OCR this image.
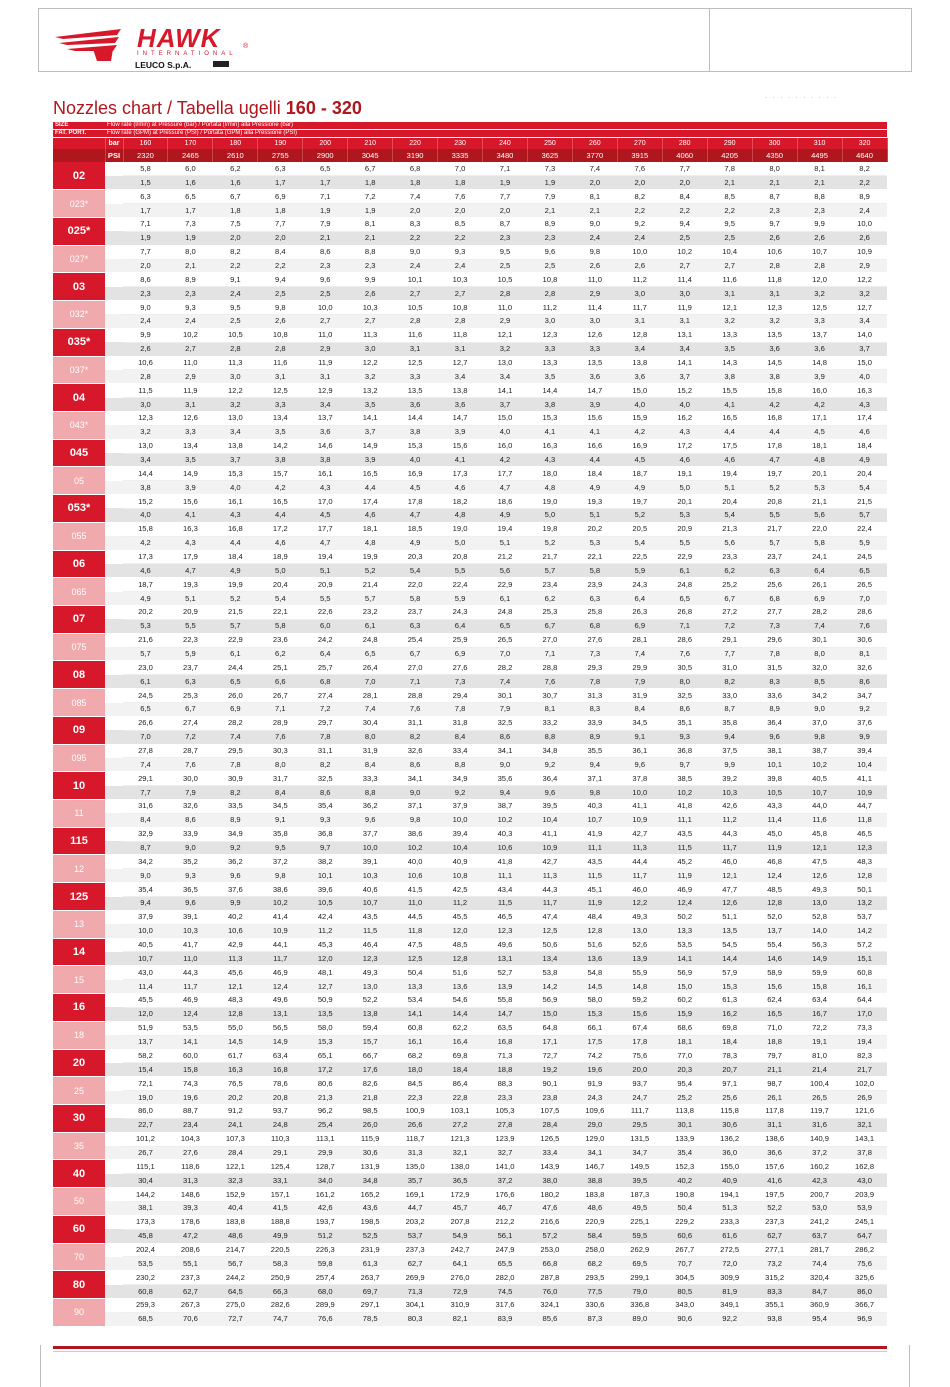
HAWK	®
INTERNATIONAL
LEUCO S.p.A.
Nozzles chart / Tabella ugelli 160 - 320	· · · · · · · · · ·
SIZE	Flow rate (l/min) at Pressure (bar) / Portata (l/min) alla Pressione (bar)																	
FAT. PORT.	Flow rate (GPM) at Pressure (PSI) / Portata (GPM) alla Pressione (PSI)																	
	bar	160	170	180	190	200	210	220	230	240	250	260	270	280	290	300	310	320
	PSI	2320	2465	2610	2755	2900	3045	3190	3335	3480	3625	3770	3915	4060	4205	4350	4495	4640
02		5,8	6,0	6,2	6,3	6,5	6,7	6,8	7,0	7,1	7,3	7,4	7,6	7,7	7,8	8,0	8,1	8,2
		1,5	1,6	1,6	1,7	1,7	1,8	1,8	1,8	1,9	1,9	2,0	2,0	2,0	2,1	2,1	2,1	2,2
023*		6,3	6,5	6,7	6,9	7,1	7,2	7,4	7,6	7,7	7,9	8,1	8,2	8,4	8,5	8,7	8,8	8,9
		1,7	1,7	1,8	1,8	1,9	1,9	2,0	2,0	2,0	2,1	2,1	2,2	2,2	2,2	2,3	2,3	2,4
025*		7,1	7,3	7,5	7,7	7,9	8,1	8,3	8,5	8,7	8,9	9,0	9,2	9,4	9,5	9,7	9,9	10,0
		1,9	1,9	2,0	2,0	2,1	2,1	2,2	2,2	2,3	2,3	2,4	2,4	2,5	2,5	2,6	2,6	2,6
027*		7,7	8,0	8,2	8,4	8,6	8,8	9,0	9,3	9,5	9,6	9,8	10,0	10,2	10,4	10,6	10,7	10,9
		2,0	2,1	2,2	2,2	2,3	2,3	2,4	2,4	2,5	2,5	2,6	2,6	2,7	2,7	2,8	2,8	2,9
03		8,6	8,9	9,1	9,4	9,6	9,9	10,1	10,3	10,5	10,8	11,0	11,2	11,4	11,6	11,8	12,0	12,2
		2,3	2,3	2,4	2,5	2,5	2,6	2,7	2,7	2,8	2,8	2,9	3,0	3,0	3,1	3,1	3,2	3,2
032*		9,0	9,3	9,5	9,8	10,0	10,3	10,5	10,8	11,0	11,2	11,4	11,7	11,9	12,1	12,3	12,5	12,7
		2,4	2,4	2,5	2,6	2,7	2,7	2,8	2,8	2,9	3,0	3,0	3,1	3,1	3,2	3,2	3,3	3,4
035*		9,9	10,2	10,5	10,8	11,0	11,3	11,6	11,8	12,1	12,3	12,6	12,8	13,1	13,3	13,5	13,7	14,0
		2,6	2,7	2,8	2,8	2,9	3,0	3,1	3,1	3,2	3,3	3,3	3,4	3,4	3,5	3,6	3,6	3,7
037*		10,6	11,0	11,3	11,6	11,9	12,2	12,5	12,7	13,0	13,3	13,5	13,8	14,1	14,3	14,5	14,8	15,0
		2,8	2,9	3,0	3,1	3,1	3,2	3,3	3,4	3,4	3,5	3,6	3,6	3,7	3,8	3,8	3,9	4,0
04		11,5	11,9	12,2	12,5	12,9	13,2	13,5	13,8	14,1	14,4	14,7	15,0	15,2	15,5	15,8	16,0	16,3
		3,0	3,1	3,2	3,3	3,4	3,5	3,6	3,6	3,7	3,8	3,9	4,0	4,0	4,1	4,2	4,2	4,3
043*		12,3	12,6	13,0	13,4	13,7	14,1	14,4	14,7	15,0	15,3	15,6	15,9	16,2	16,5	16,8	17,1	17,4
		3,2	3,3	3,4	3,5	3,6	3,7	3,8	3,9	4,0	4,1	4,1	4,2	4,3	4,4	4,4	4,5	4,6
045		13,0	13,4	13,8	14,2	14,6	14,9	15,3	15,6	16,0	16,3	16,6	16,9	17,2	17,5	17,8	18,1	18,4
		3,4	3,5	3,7	3,8	3,8	3,9	4,0	4,1	4,2	4,3	4,4	4,5	4,6	4,6	4,7	4,8	4,9
05		14,4	14,9	15,3	15,7	16,1	16,5	16,9	17,3	17,7	18,0	18,4	18,7	19,1	19,4	19,7	20,1	20,4
		3,8	3,9	4,0	4,2	4,3	4,4	4,5	4,6	4,7	4,8	4,9	4,9	5,0	5,1	5,2	5,3	5,4
053*		15,2	15,6	16,1	16,5	17,0	17,4	17,8	18,2	18,6	19,0	19,3	19,7	20,1	20,4	20,8	21,1	21,5
		4,0	4,1	4,3	4,4	4,5	4,6	4,7	4,8	4,9	5,0	5,1	5,2	5,3	5,4	5,5	5,6	5,7
055		15,8	16,3	16,8	17,2	17,7	18,1	18,5	19,0	19,4	19,8	20,2	20,5	20,9	21,3	21,7	22,0	22,4
		4,2	4,3	4,4	4,6	4,7	4,8	4,9	5,0	5,1	5,2	5,3	5,4	5,5	5,6	5,7	5,8	5,9
06		17,3	17,9	18,4	18,9	19,4	19,9	20,3	20,8	21,2	21,7	22,1	22,5	22,9	23,3	23,7	24,1	24,5
		4,6	4,7	4,9	5,0	5,1	5,2	5,4	5,5	5,6	5,7	5,8	5,9	6,1	6,2	6,3	6,4	6,5
065		18,7	19,3	19,9	20,4	20,9	21,4	22,0	22,4	22,9	23,4	23,9	24,3	24,8	25,2	25,6	26,1	26,5
		4,9	5,1	5,2	5,4	5,5	5,7	5,8	5,9	6,1	6,2	6,3	6,4	6,5	6,7	6,8	6,9	7,0
07		20,2	20,9	21,5	22,1	22,6	23,2	23,7	24,3	24,8	25,3	25,8	26,3	26,8	27,2	27,7	28,2	28,6
		5,3	5,5	5,7	5,8	6,0	6,1	6,3	6,4	6,5	6,7	6,8	6,9	7,1	7,2	7,3	7,4	7,6
075		21,6	22,3	22,9	23,6	24,2	24,8	25,4	25,9	26,5	27,0	27,6	28,1	28,6	29,1	29,6	30,1	30,6
		5,7	5,9	6,1	6,2	6,4	6,5	6,7	6,9	7,0	7,1	7,3	7,4	7,6	7,7	7,8	8,0	8,1
08		23,0	23,7	24,4	25,1	25,7	26,4	27,0	27,6	28,2	28,8	29,3	29,9	30,5	31,0	31,5	32,0	32,6
		6,1	6,3	6,5	6,6	6,8	7,0	7,1	7,3	7,4	7,6	7,8	7,9	8,0	8,2	8,3	8,5	8,6
085		24,5	25,3	26,0	26,7	27,4	28,1	28,8	29,4	30,1	30,7	31,3	31,9	32,5	33,0	33,6	34,2	34,7
		6,5	6,7	6,9	7,1	7,2	7,4	7,6	7,8	7,9	8,1	8,3	8,4	8,6	8,7	8,9	9,0	9,2
09		26,6	27,4	28,2	28,9	29,7	30,4	31,1	31,8	32,5	33,2	33,9	34,5	35,1	35,8	36,4	37,0	37,6
		7,0	7,2	7,4	7,6	7,8	8,0	8,2	8,4	8,6	8,8	8,9	9,1	9,3	9,4	9,6	9,8	9,9
095		27,8	28,7	29,5	30,3	31,1	31,9	32,6	33,4	34,1	34,8	35,5	36,1	36,8	37,5	38,1	38,7	39,4
		7,4	7,6	7,8	8,0	8,2	8,4	8,6	8,8	9,0	9,2	9,4	9,6	9,7	9,9	10,1	10,2	10,4
10		29,1	30,0	30,9	31,7	32,5	33,3	34,1	34,9	35,6	36,4	37,1	37,8	38,5	39,2	39,8	40,5	41,1
		7,7	7,9	8,2	8,4	8,6	8,8	9,0	9,2	9,4	9,6	9,8	10,0	10,2	10,3	10,5	10,7	10,9
11		31,6	32,6	33,5	34,5	35,4	36,2	37,1	37,9	38,7	39,5	40,3	41,1	41,8	42,6	43,3	44,0	44,7
		8,4	8,6	8,9	9,1	9,3	9,6	9,8	10,0	10,2	10,4	10,7	10,9	11,1	11,2	11,4	11,6	11,8
115		32,9	33,9	34,9	35,8	36,8	37,7	38,6	39,4	40,3	41,1	41,9	42,7	43,5	44,3	45,0	45,8	46,5
		8,7	9,0	9,2	9,5	9,7	10,0	10,2	10,4	10,6	10,9	11,1	11,3	11,5	11,7	11,9	12,1	12,3
12		34,2	35,2	36,2	37,2	38,2	39,1	40,0	40,9	41,8	42,7	43,5	44,4	45,2	46,0	46,8	47,5	48,3
		9,0	9,3	9,6	9,8	10,1	10,3	10,6	10,8	11,1	11,3	11,5	11,7	11,9	12,1	12,4	12,6	12,8
125		35,4	36,5	37,6	38,6	39,6	40,6	41,5	42,5	43,4	44,3	45,1	46,0	46,9	47,7	48,5	49,3	50,1
		9,4	9,6	9,9	10,2	10,5	10,7	11,0	11,2	11,5	11,7	11,9	12,2	12,4	12,6	12,8	13,0	13,2
13		37,9	39,1	40,2	41,4	42,4	43,5	44,5	45,5	46,5	47,4	48,4	49,3	50,2	51,1	52,0	52,8	53,7
		10,0	10,3	10,6	10,9	11,2	11,5	11,8	12,0	12,3	12,5	12,8	13,0	13,3	13,5	13,7	14,0	14,2
14		40,5	41,7	42,9	44,1	45,3	46,4	47,5	48,5	49,6	50,6	51,6	52,6	53,5	54,5	55,4	56,3	57,2
		10,7	11,0	11,3	11,7	12,0	12,3	12,5	12,8	13,1	13,4	13,6	13,9	14,1	14,4	14,6	14,9	15,1
15		43,0	44,3	45,6	46,9	48,1	49,3	50,4	51,6	52,7	53,8	54,8	55,9	56,9	57,9	58,9	59,9	60,8
		11,4	11,7	12,1	12,4	12,7	13,0	13,3	13,6	13,9	14,2	14,5	14,8	15,0	15,3	15,6	15,8	16,1
16		45,5	46,9	48,3	49,6	50,9	52,2	53,4	54,6	55,8	56,9	58,0	59,2	60,2	61,3	62,4	63,4	64,4
		12,0	12,4	12,8	13,1	13,5	13,8	14,1	14,4	14,7	15,0	15,3	15,6	15,9	16,2	16,5	16,7	17,0
18		51,9	53,5	55,0	56,5	58,0	59,4	60,8	62,2	63,5	64,8	66,1	67,4	68,6	69,8	71,0	72,2	73,3
		13,7	14,1	14,5	14,9	15,3	15,7	16,1	16,4	16,8	17,1	17,5	17,8	18,1	18,4	18,8	19,1	19,4
20		58,2	60,0	61,7	63,4	65,1	66,7	68,2	69,8	71,3	72,7	74,2	75,6	77,0	78,3	79,7	81,0	82,3
		15,4	15,8	16,3	16,8	17,2	17,6	18,0	18,4	18,8	19,2	19,6	20,0	20,3	20,7	21,1	21,4	21,7
25		72,1	74,3	76,5	78,6	80,6	82,6	84,5	86,4	88,3	90,1	91,9	93,7	95,4	97,1	98,7	100,4	102,0
		19,0	19,6	20,2	20,8	21,3	21,8	22,3	22,8	23,3	23,8	24,3	24,7	25,2	25,6	26,1	26,5	26,9
30		86,0	88,7	91,2	93,7	96,2	98,5	100,9	103,1	105,3	107,5	109,6	111,7	113,8	115,8	117,8	119,7	121,6
		22,7	23,4	24,1	24,8	25,4	26,0	26,6	27,2	27,8	28,4	29,0	29,5	30,1	30,6	31,1	31,6	32,1
35		101,2	104,3	107,3	110,3	113,1	115,9	118,7	121,3	123,9	126,5	129,0	131,5	133,9	136,2	138,6	140,9	143,1
		26,7	27,6	28,4	29,1	29,9	30,6	31,3	32,1	32,7	33,4	34,1	34,7	35,4	36,0	36,6	37,2	37,8
40		115,1	118,6	122,1	125,4	128,7	131,9	135,0	138,0	141,0	143,9	146,7	149,5	152,3	155,0	157,6	160,2	162,8
		30,4	31,3	32,3	33,1	34,0	34,8	35,7	36,5	37,2	38,0	38,8	39,5	40,2	40,9	41,6	42,3	43,0
50		144,2	148,6	152,9	157,1	161,2	165,2	169,1	172,9	176,6	180,2	183,8	187,3	190,8	194,1	197,5	200,7	203,9
		38,1	39,3	40,4	41,5	42,6	43,6	44,7	45,7	46,7	47,6	48,6	49,5	50,4	51,3	52,2	53,0	53,9
60		173,3	178,6	183,8	188,8	193,7	198,5	203,2	207,8	212,2	216,6	220,9	225,1	229,2	233,3	237,3	241,2	245,1
		45,8	47,2	48,6	49,9	51,2	52,5	53,7	54,9	56,1	57,2	58,4	59,5	60,6	61,6	62,7	63,7	64,7
70		202,4	208,6	214,7	220,5	226,3	231,9	237,3	242,7	247,9	253,0	258,0	262,9	267,7	272,5	277,1	281,7	286,2
		53,5	55,1	56,7	58,3	59,8	61,3	62,7	64,1	65,5	66,8	68,2	69,5	70,7	72,0	73,2	74,4	75,6
80		230,2	237,3	244,2	250,9	257,4	263,7	269,9	276,0	282,0	287,8	293,5	299,1	304,5	309,9	315,2	320,4	325,6
		60,8	62,7	64,5	66,3	68,0	69,7	71,3	72,9	74,5	76,0	77,5	79,0	80,5	81,9	83,3	84,7	86,0
90		259,3	267,3	275,0	282,6	289,9	297,1	304,1	310,9	317,6	324,1	330,6	336,8	343,0	349,1	355,1	360,9	366,7
		68,5	70,6	72,7	74,7	76,6	78,5	80,3	82,1	83,9	85,6	87,3	89,0	90,6	92,2	93,8	95,4	96,9
